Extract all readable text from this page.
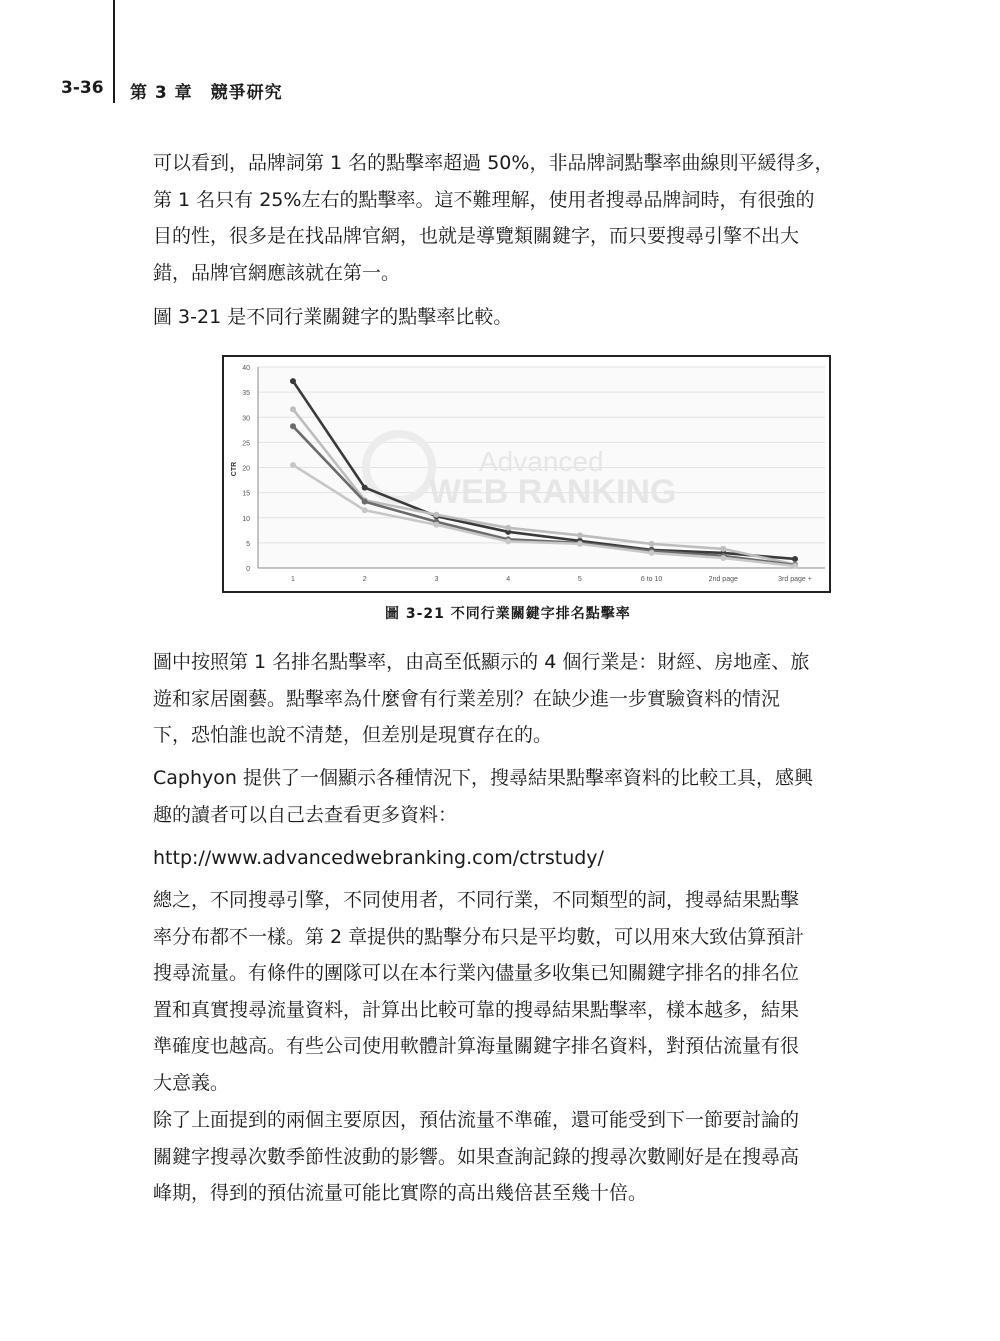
3-36 第 3 章　競爭研究

可以看到，品牌詞第 1 名的點擊率超過 50%，非品牌詞點擊率曲線則平緩得多，
第 1 名只有 25%左右的點擊率。這不難理解，使用者搜尋品牌詞時，有很強的
目的性，很多是在找品牌官網，也就是導覽類關鍵字，而只要搜尋引擎不出大
錯，品牌官網應該就在第一。

圖 3-21 是不同行業關鍵字的點擊率比較。

0
5
10
15
20
25
30
35
40
Advanced
WEB RANKING
CTR
1	2	3	4	5	6 to 10	2nd page	3rd page +
圖 3-21 不同行業關鍵字排名點擊率

圖中按照第 1 名排名點擊率，由高至低顯示的 4 個行業是：財經、房地產、旅
遊和家居園藝。點擊率為什麼會有行業差別？在缺少進一步實驗資料的情況
下，恐怕誰也說不清楚，但差別是現實存在的。

Caphyon 提供了一個顯示各種情況下，搜尋結果點擊率資料的比較工具，感興
趣的讀者可以自己去查看更多資料：

http://www.advancedwebranking.com/ctrstudy/

總之，不同搜尋引擎，不同使用者，不同行業，不同類型的詞，搜尋結果點擊
率分布都不一樣。第 2 章提供的點擊分布只是平均數，可以用來大致估算預計
搜尋流量。有條件的團隊可以在本行業內儘量多收集已知關鍵字排名的排名位
置和真實搜尋流量資料，計算出比較可靠的搜尋結果點擊率，樣本越多，結果
準確度也越高。有些公司使用軟體計算海量關鍵字排名資料，對預估流量有很
大意義。

除了上面提到的兩個主要原因，預估流量不準確，還可能受到下一節要討論的
關鍵字搜尋次數季節性波動的影響。如果查詢記錄的搜尋次數剛好是在搜尋高
峰期，得到的預估流量可能比實際的高出幾倍甚至幾十倍。
